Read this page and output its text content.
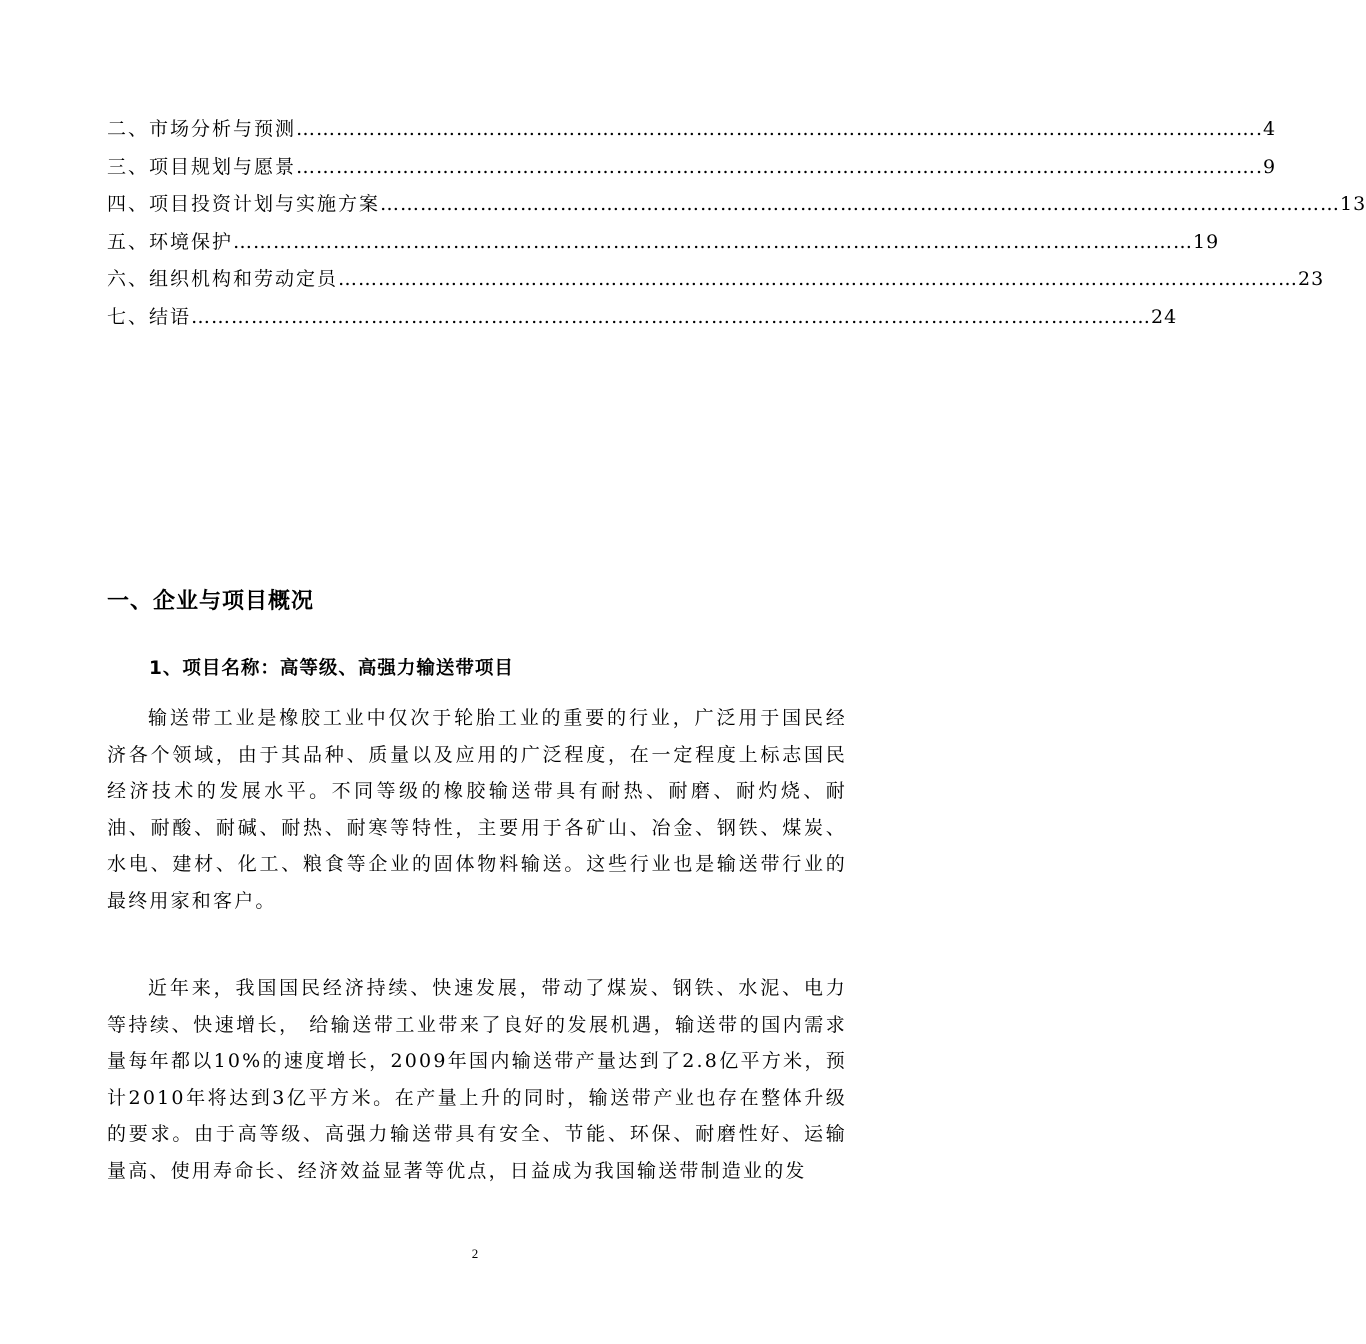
二、市场分析与预测 ……………………………………………………………………………………………………………………………… .4
三、项目规划与愿景 ……………………………………………………………………………………………………………………………… .9
四、项目投资计划与实施方案 ……………………………………………………………………………………………………………………………… 13
五、环境保护 ……………………………………………………………………………………………………………………………… 19
六、组织机构和劳动定员 ……………………………………………………………………………………………………………………………… 23
七、结语 ……………………………………………………………………………………………………………………………… 24
一、企业与项目概况
1、项目名称：高等级、高强力输送带项目

输送带工业是橡胶工业中仅次于轮胎工业的重要的行业，广泛用于国民经济各个领域，由于其品种、质量以及应用的广泛程度，在一定程度上标志国民经济技术的发展水平。不同等级的橡胶输送带具有耐热、耐磨、耐灼烧、耐油、耐酸、耐碱、耐热、耐寒等特性，主要用于各矿山、冶金、钢铁、煤炭、水电、建材、化工、粮食等企业的固体物料输送。这些行业也是输送带行业的最终用家和客户。

近年来，我国国民经济持续、快速发展，带动了煤炭、钢铁、水泥、电力等持续、快速增长， 给输送带工业带来了良好的发展机遇，输送带的国内需求量每年都以10%的速度增长，2009年国内输送带产量达到了2.8亿平方米，预计2010年将达到3亿平方米。在产量上升的同时，输送带产业也存在整体升级的要求。由于高等级、高强力输送带具有安全、节能、环保、耐磨性好、运输量高、使用寿命长、经济效益显著等优点，日益成为我国输送带制造业的发

2
